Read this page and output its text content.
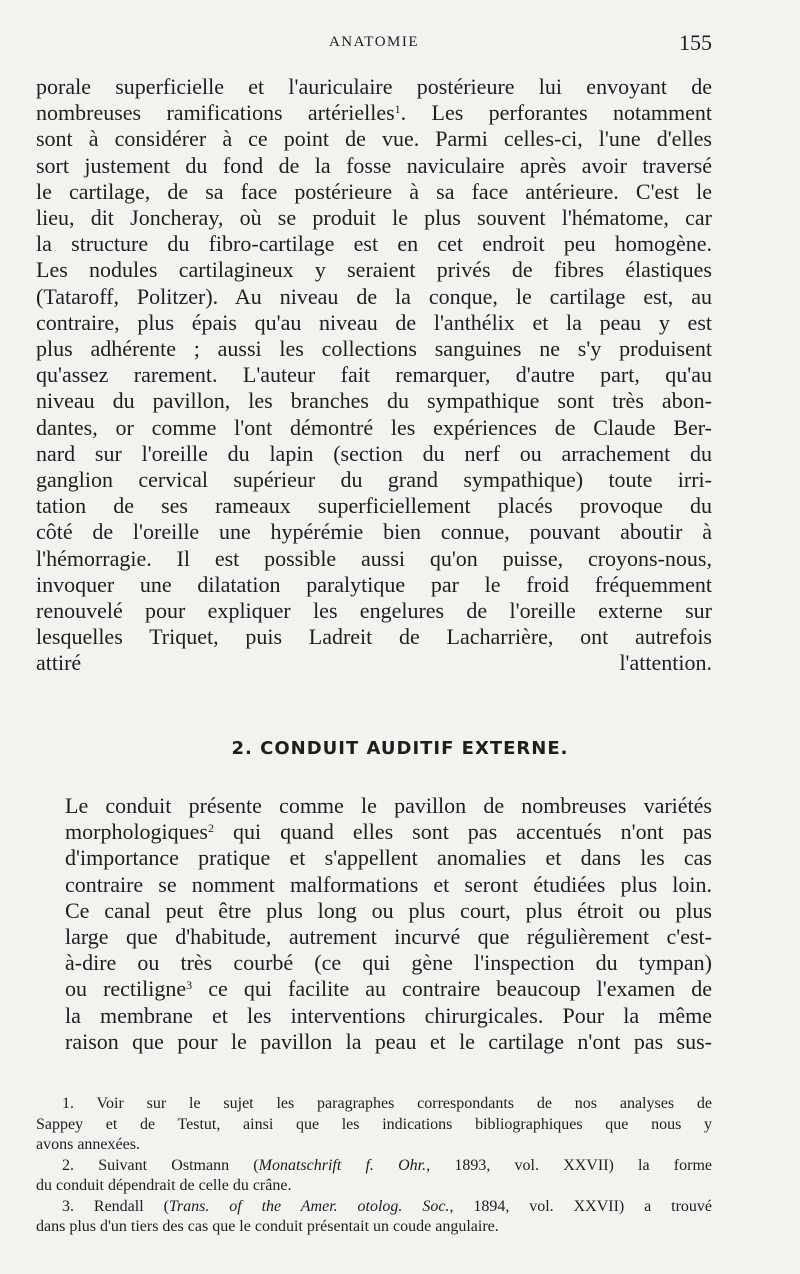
ANATOMIE	155
porale superficielle et l'auriculaire postérieure lui envoyant de
nombreuses ramifications artérielles$^1$. Les perforantes notamment
sont à considérer à ce point de vue. Parmi celles-ci, l'une d'elles
sort justement du fond de la fosse naviculaire après avoir traversé
le cartilage, de sa face postérieure à sa face antérieure. C'est le
lieu, dit Joncheray, où se produit le plus souvent l'hématome, car
la structure du fibro-cartilage est en cet endroit peu homogène.
Les nodules cartilagineux y seraient privés de fibres élastiques
(Tataroff, Politzer). Au niveau de la conque, le cartilage est, au
contraire, plus épais qu'au niveau de l'anthélix et la peau y est
plus adhérente ; aussi les collections sanguines ne s'y produisent
qu'assez rarement. L'auteur fait remarquer, d'autre part, qu'au
niveau du pavillon, les branches du sympathique sont très abon-
dantes, or comme l'ont démontré les expériences de Claude Ber-
nard sur l'oreille du lapin (section du nerf ou arrachement du
ganglion cervical supérieur du grand sympathique) toute irri-
tation de ses rameaux superficiellement placés provoque du
côté de l'oreille une hypérémie bien connue, pouvant aboutir à
l'hémorragie. Il est possible aussi qu'on puisse, croyons-nous,
invoquer une dilatation paralytique par le froid fréquemment
renouvelé pour expliquer les engelures de l'oreille externe sur
lesquelles Triquet, puis Ladreit de Lacharrière, ont autrefois
attiré l'attention.
2. CONDUIT AUDITIF EXTERNE.
Le conduit présente comme le pavillon de nombreuses variétés
morphologiques$^2$ qui quand elles sont pas accentués n'ont pas
d'importance pratique et s'appellent anomalies et dans les cas
contraire se nomment malformations et seront étudiées plus loin.
Ce canal peut être plus long ou plus court, plus étroit ou plus
large que d'habitude, autrement incurvé que régulièrement c'est-
à-dire ou très courbé (ce qui gène l'inspection du tympan)
ou rectiligne$^3$ ce qui facilite au contraire beaucoup l'examen de
la membrane et les interventions chirurgicales. Pour la même
raison que pour le pavillon la peau et le cartilage n'ont pas sus-
1. Voir sur le sujet les paragraphes correspondants de nos analyses de
Sappey et de Testut, ainsi que les indications bibliographiques que nous y
avons annexées.
2. Suivant Ostmann (Monatschrift f. Ohr., 1893, vol. XXVII) la forme
du conduit dépendrait de celle du crâne.
3. Rendall (Trans. of the Amer. otolog. Soc., 1894, vol. XXVII) a trouvé
dans plus d'un tiers des cas que le conduit présentait un coude angulaire.
